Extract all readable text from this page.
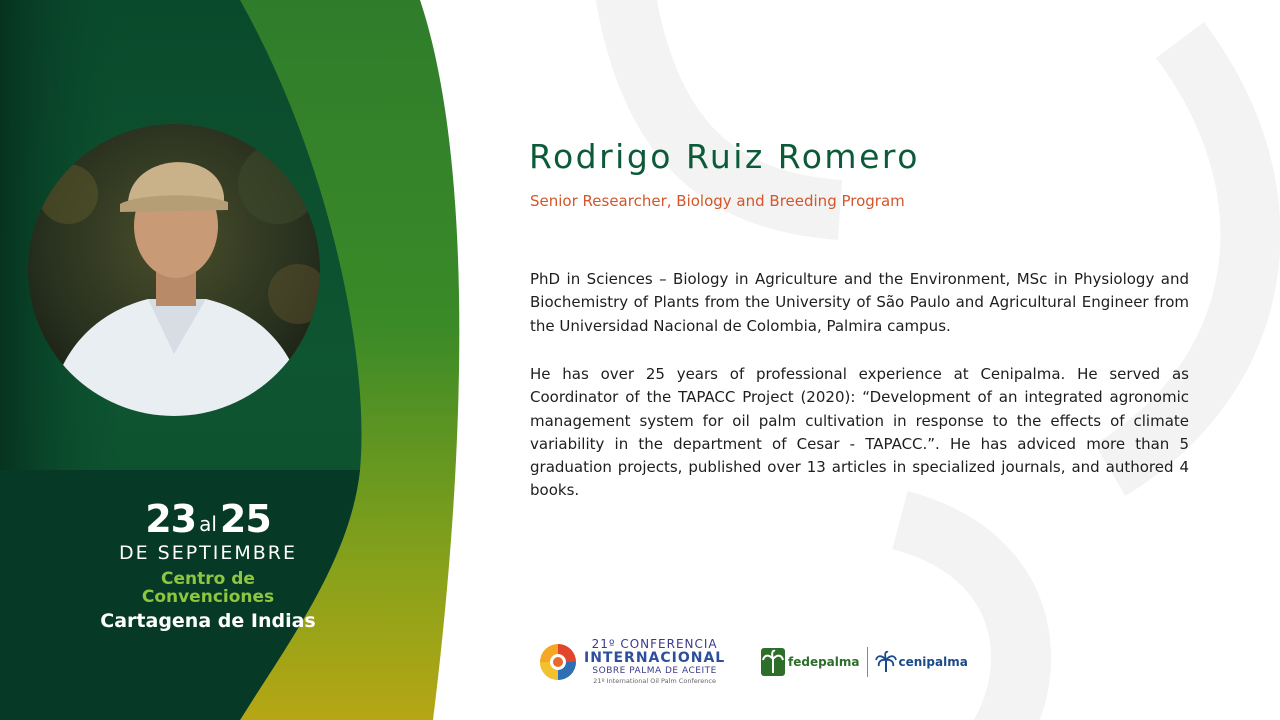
23 al 25
DE SEPTIEMBRE
Centro de
Convenciones
Cartagena de Indias
Rodrigo Ruiz Romero
Senior Researcher, Biology and Breeding Program

PhD in Sciences – Biology in Agriculture and the Environment, MSc in Physiology and Biochemistry of Plants from the University of São Paulo and Agricultural Engineer from the Universidad Nacional de Colombia, Palmira campus.

He has over 25 years of professional experience at Cenipalma. He served as Coordinator of the TAPACC Project (2020): “Development of an integrated agronomic management system for oil palm cultivation in response to the effects of climate variability in the department of Cesar - TAPACC.”. He has adviced more than 5 graduation projects, published over 13 articles in specialized journals, and authored 4 books.

21º CONFERENCIA
INTERNACIONAL
SOBRE PALMA DE ACEITE
21º International Oil Palm Conference
fedepalma	cenipalma
